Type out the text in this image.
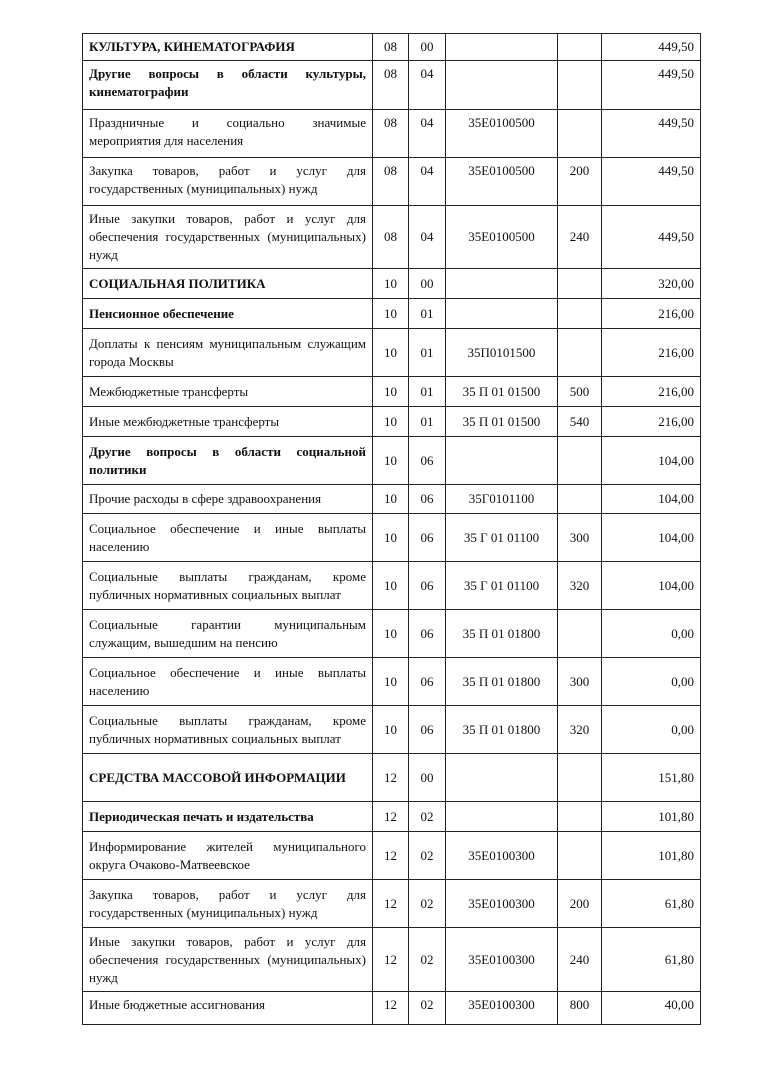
КУЛЬТУРА, КИНЕМАТОГРАФИЯ	08	00			449,50
Другие вопросы в области культуры, кинематографии	08	04			449,50
Праздничные и социально значимые мероприятия для населения	08	04	35Е0100500		449,50
Закупка товаров, работ и услуг для государственных (муниципальных) нужд	08	04	35Е0100500	200	449,50
Иные закупки товаров, работ и услуг для обеспечения государственных (муниципальных) нужд	08	04	35Е0100500	240	449,50
СОЦИАЛЬНАЯ ПОЛИТИКА	10	00			320,00
Пенсионное обеспечение	10	01			216,00
Доплаты к пенсиям муниципальным служащим города Москвы	10	01	35П0101500		216,00
Межбюджетные трансферты	10	01	35 П 01 01500	500	216,00
Иные межбюджетные трансферты	10	01	35 П 01 01500	540	216,00
Другие вопросы в области социальной политики	10	06			104,00
Прочие расходы в сфере здравоохранения	10	06	35Г0101100		104,00
Социальное обеспечение и иные выплаты населению	10	06	35 Г 01 01100	300	104,00
Социальные выплаты гражданам, кроме публичных нормативных социальных выплат	10	06	35 Г 01 01100	320	104,00
Социальные гарантии муниципальным служащим, вышедшим на пенсию	10	06	35 П 01 01800		0,00
Социальное обеспечение и иные выплаты населению	10	06	35 П 01 01800	300	0,00
Социальные выплаты гражданам, кроме публичных нормативных социальных выплат	10	06	35 П 01 01800	320	0,00
СРЕДСТВА МАССОВОЙ ИНФОРМАЦИИ	12	00			151,80
Периодическая печать и издательства	12	02			101,80
Информирование жителей муниципального округа Очаково-Матвеевское	12	02	35Е0100300		101,80
Закупка товаров, работ и услуг для государственных (муниципальных) нужд	12	02	35Е0100300	200	61,80
Иные закупки товаров, работ и услуг для обеспечения государственных (муниципальных) нужд	12	02	35Е0100300	240	61,80
Иные бюджетные ассигнования	12	02	35Е0100300	800	40,00
